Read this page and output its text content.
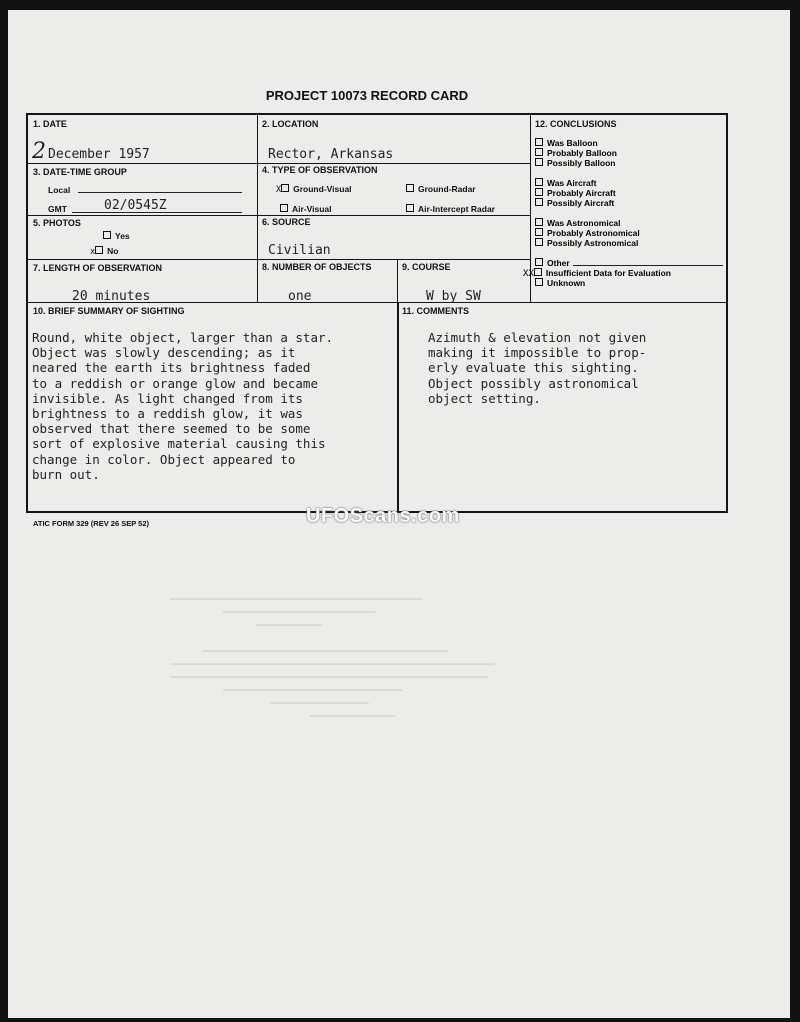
━━━━━━━━━━━━━━━━━━━━━━━━━━━━━━━━━━━━━━
━━━━━━━━━━━━━━━━━━━━━━━
━━━━━━━━━━

━━━━━━━━━━━━━━━━━━━━━━━━━━━━━━━━━━━━━
━━━━━━━━━━━━━━━━━━━━━━━━━━━━━━━━━━━━━━━━━━━━━━━━━
━━━━━━━━━━━━━━━━━━━━━━━━━━━━━━━━━━━━━━━━━━━━━━━━
━━━━━━━━━━━━━━━━━━━━━━━━━━━
━━━━━━━━━━━━━━━
━━━━━━━━━━━━━

PROJECT 10073 RECORD CARD
1. DATE
2 December 1957
2. LOCATION
Rector, Arkansas
3. DATE-TIME GROUP
Local
GMT	02/0545Z
4. TYPE OF OBSERVATION
X Ground-Visual	Ground-Radar
Air-Visual	Air-Intercept Radar
5. PHOTOS
Yes
x No
6. SOURCE
Civilian
7. LENGTH OF OBSERVATION
20 minutes
8. NUMBER OF OBJECTS
one
9. COURSE
W by SW
10. BRIEF SUMMARY OF SIGHTING
Round, white object, larger than a star.
Object was slowly descending; as it
neared the earth its brightness faded
to a reddish or orange glow and became
invisible. As light changed from its
brightness to a reddish glow, it was
observed that there seemed to be some
sort of explosive material causing this
change in color. Object appeared to
burn out.
11. COMMENTS
Azimuth & elevation not given
making it impossible to prop-
erly evaluate this sighting.
Object possibly astronomical
object setting.
12. CONCLUSIONS
Was Balloon
Probably Balloon
Possibly Balloon
Was Aircraft
Probably Aircraft
Possibly Aircraft
Was Astronomical
Probably Astronomical
Possibly Astronomical
Other
XX Insufficient Data for Evaluation
Unknown
ATIC FORM 329 (REV 26 SEP 52)	UFOScans.com
